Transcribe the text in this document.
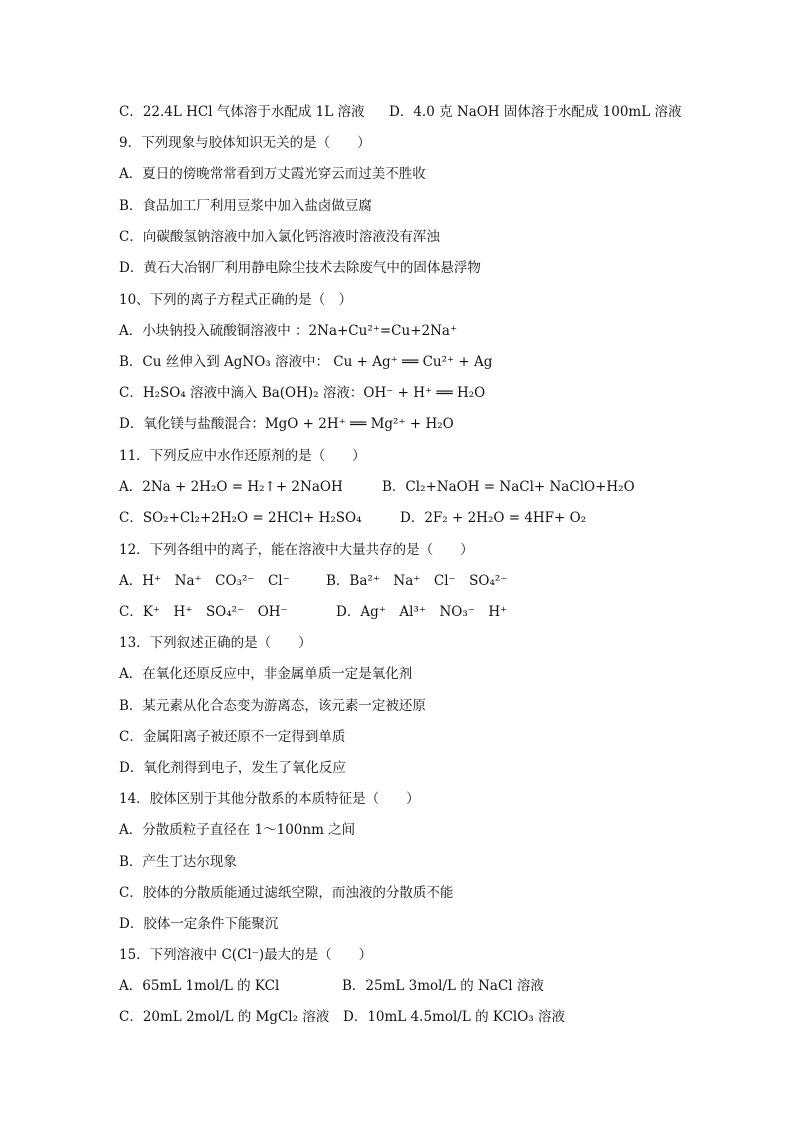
C．22.4L HCl 气体溶于水配成 1L 溶液 D．4.0 克 NaOH 固体溶于水配成 100mL 溶液
9．下列现象与胶体知识无关的是（　　）
A．夏日的傍晚常常看到万丈霞光穿云而过美不胜收
B．食品加工厂利用豆浆中加入盐卤做豆腐
C．向碳酸氢钠溶液中加入氯化钙溶液时溶液没有浑浊
D．黄石大冶钢厂利用静电除尘技术去除废气中的固体悬浮物
10、下列的离子方程式正确的是（　）
A．小块钠投入硫酸铜溶液中 ：2Na+Cu²⁺=Cu+2Na⁺
B．Cu 丝伸入到 AgNO₃ 溶液中： Cu + Ag⁺ ══ Cu²⁺ + Ag
C．H₂SO₄ 溶液中滴入 Ba(OH)₂ 溶液：OH⁻ + H⁺ ══ H₂O
D．氧化镁与盐酸混合：MgO + 2H⁺ ══ Mg²⁺ + H₂O
11．下列反应中水作还原剂的是（　　）
A．2Na + 2H₂O = H₂↑+ 2NaOH	B．Cl₂+NaOH = NaCl+ NaClO+H₂O
C．SO₂+Cl₂+2H₂O = 2HCl+ H₂SO₄	D．2F₂ + 2H₂O = 4HF+ O₂
12．下列各组中的离子，能在溶液中大量共存的是（　　）
A．H⁺　Na⁺　CO₃²⁻　Cl⁻	B．Ba²⁺　Na⁺　Cl⁻　SO₄²⁻
C．K⁺　H⁺　SO₄²⁻　OH⁻	D．Ag⁺　Al³⁺　NO₃⁻　H⁺
13．下列叙述正确的是（　　）
A．在氧化还原反应中，非金属单质一定是氧化剂
B．某元素从化合态变为游离态，该元素一定被还原
C．金属阳离子被还原不一定得到单质
D．氧化剂得到电子，发生了氧化反应
14．胶体区别于其他分散系的本质特征是（　　）
A．分散质粒子直径在 1～100nm 之间
B．产生丁达尔现象
C．胶体的分散质能通过滤纸空隙，而浊液的分散质不能
D．胶体一定条件下能聚沉
15．下列溶液中 C(Cl⁻)最大的是（　　）
A．65mL 1mol/L 的 KCl	B．25mL 3mol/L 的 NaCl 溶液
C．20mL 2mol/L 的 MgCl₂ 溶液 D．10mL 4.5mol/L 的 KClO₃ 溶液
